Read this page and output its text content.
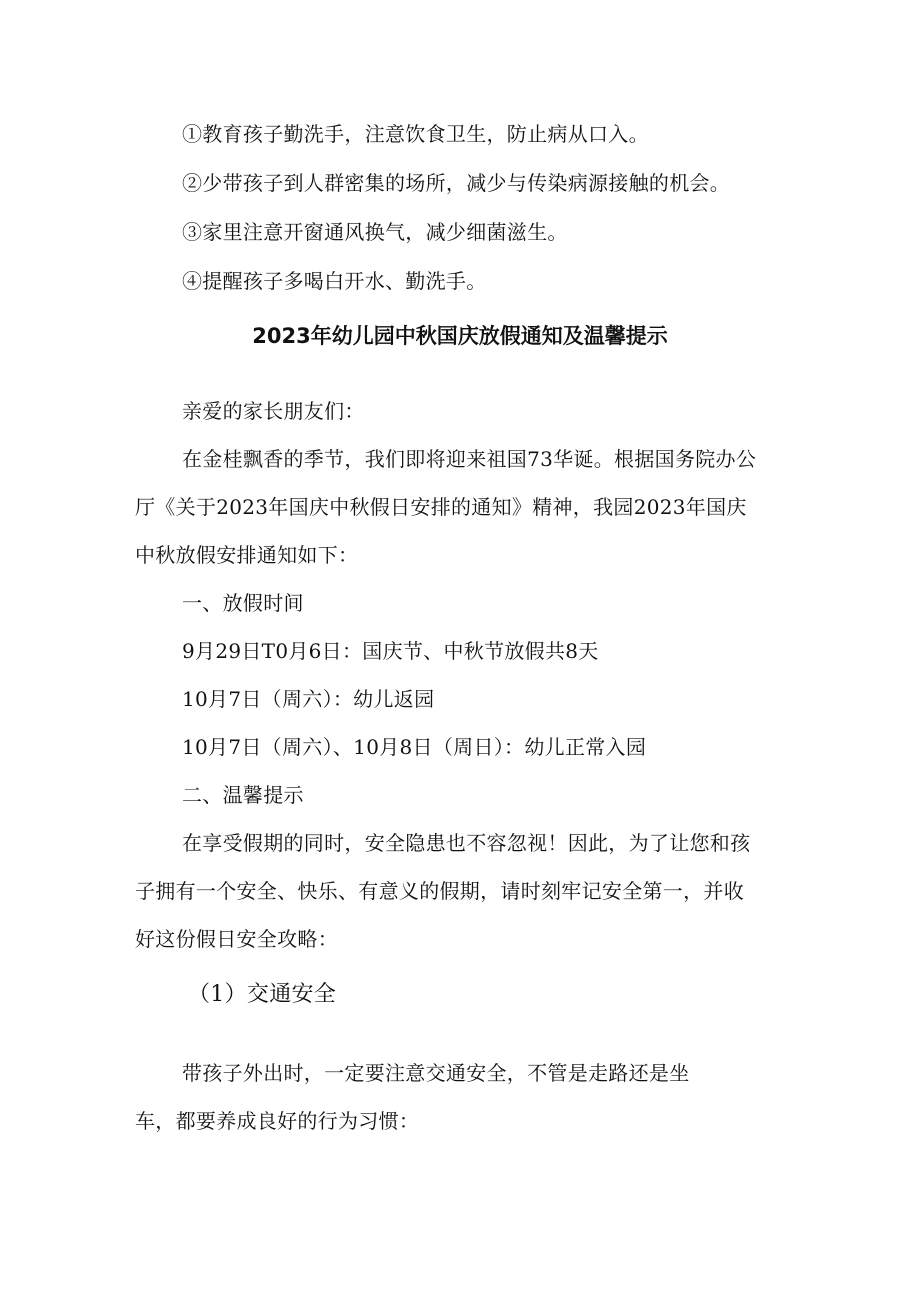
①教育孩子勤洗手，注意饮食卫生，防止病从口入。
②少带孩子到人群密集的场所，减少与传染病源接触的机会。
③家里注意开窗通风换气，减少细菌滋生。
④提醒孩子多喝白开水、勤洗手。
2023年幼儿园中秋国庆放假通知及温馨提示
亲爱的家长朋友们：
在金桂飘香的季节，我们即将迎来祖国73华诞。根据国务院办公
厅《关于2023年国庆中秋假日安排的通知》精神，我园2023年国庆
中秋放假安排通知如下：
一、放假时间
9月29日T0月6日：国庆节、中秋节放假共8天
10月7日（周六）：幼儿返园
10月7日（周六）、10月8日（周日）：幼儿正常入园
二、温馨提示
在享受假期的同时，安全隐患也不容忽视！因此，为了让您和孩
子拥有一个安全、快乐、有意义的假期，请时刻牢记安全第一，并收
好这份假日安全攻略：
（1）交通安全
带孩子外出时，一定要注意交通安全，不管是走路还是坐
车，都要养成良好的行为习惯：
